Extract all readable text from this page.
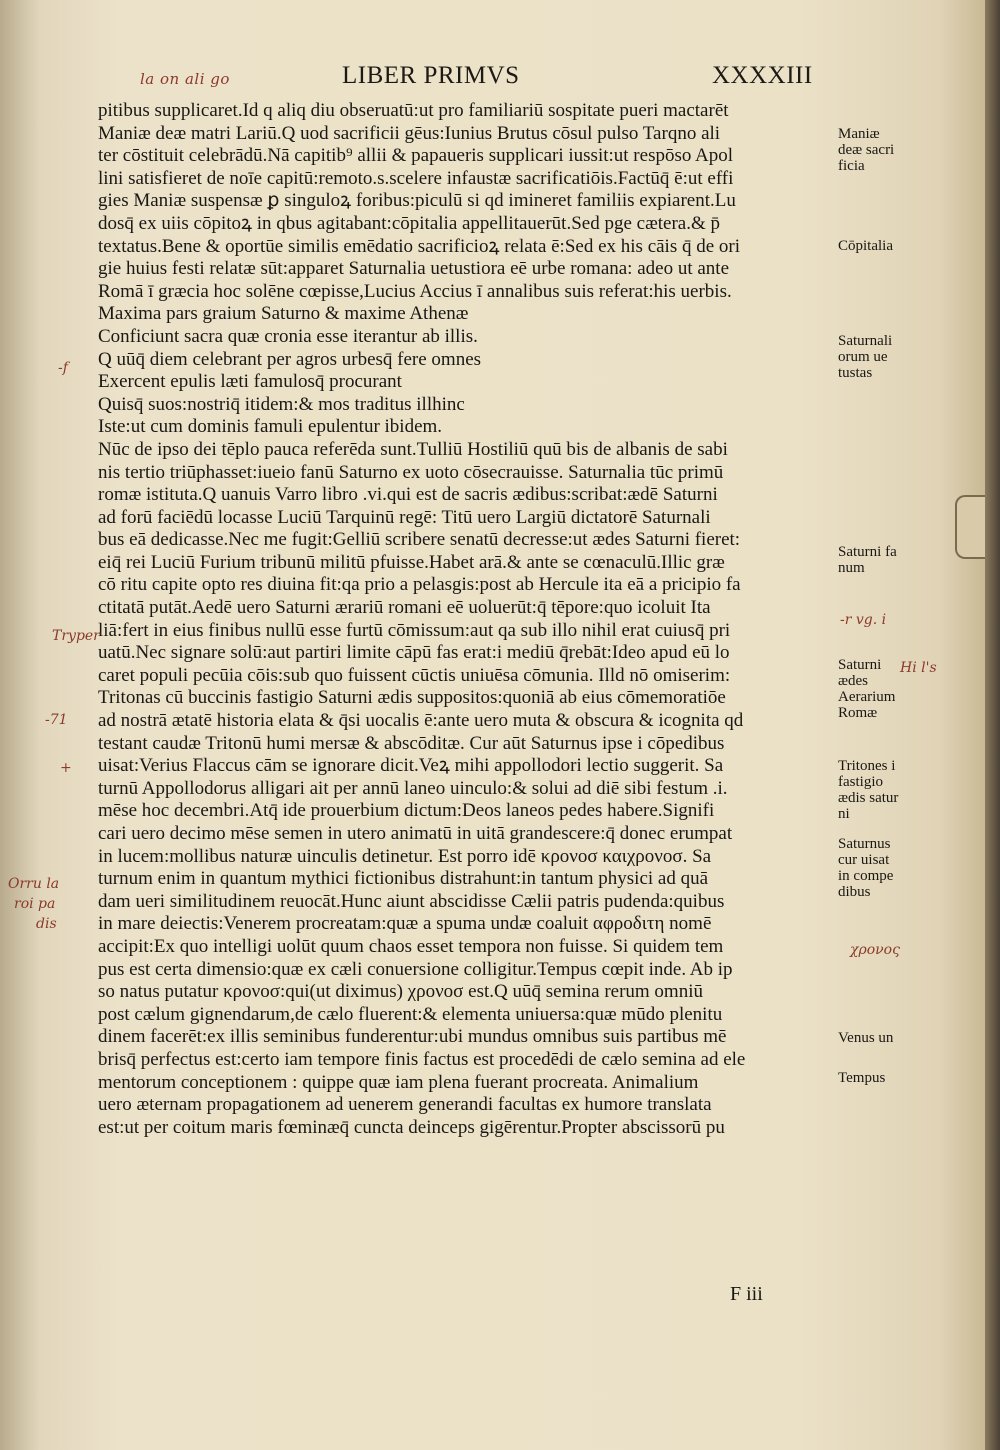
la on ali go	LIBER PRIMVS	XXXXIII
pitibus supplicaret.Id q aliq diu obseruatū:ut pro familiariū sospitate pueri mactarēt
Maniæ deæ matri Lariū.Q uod sacrificii gēus:Iunius Brutus cōsul pulso Tarqno ali
ter cōstituit celebrādū.Nā capitib⁹ allii & papaueris supplicari iussit:ut respōso Apol
lini satisfieret de noīe capitū:remoto.s.scelere infaustæ sacrificatiōis.Factūq̄ ē:ut effi
gies Maniæ suspensæ ꝑ singuloꝝ foribus:piculū si qd imineret familiis expiarent.Lu
dosq̄ ex uiis cōpitoꝝ in qbus agitabant:cōpitalia appellitauerūt.Sed pge cætera.& p̄
textatus.Bene & oportūe similis emēdatio sacrificioꝝ relata ē:Sed ex his cāis q̄ de ori
gie huius festi relatæ sūt:apparet Saturnalia uetustiora eē urbe romana: adeo ut ante
Romā ī græcia hoc solēne cœpisse,Lucius Accius ī annalibus suis referat:his uerbis.
Maxima pars graium Saturno & maxime Athenæ
Conficiunt sacra quæ cronia esse iterantur ab illis.
Q uūq̄ diem celebrant per agros urbesq̄ fere omnes
Exercent epulis læti famulosq̄ procurant
Quisq̄ suos:nostriq̄ itidem:& mos traditus illhinc
Iste:ut cum dominis famuli epulentur ibidem.
Nūc de ipso dei tēplo pauca referēda sunt.Tulliū Hostiliū quū bis de albanis de sabi
nis tertio triūphasset:iueio fanū Saturno ex uoto cōsecrauisse. Saturnalia tūc primū
romæ istituta.Q uanuis Varro libro .vi.qui est de sacris ædibus:scribat:ædē Saturni
ad forū faciēdū locasse Luciū Tarquinū regē: Titū uero Largiū dictatorē Saturnali
bus eā dedicasse.Nec me fugit:Gelliū scribere senatū decresse:ut ædes Saturni fieret:
eiq̄ rei Luciū Furium tribunū militū pfuisse.Habet arā.& ante se cœnaculū.Illic græ
cō ritu capite opto res diuina fit:qa prio a pelasgis:post ab Hercule ita eā a pricipio fa
ctitatā putāt.Aedē uero Saturni ærariū romani eē uoluerūt:q̄ tēpore:quo icoluit Ita
liā:fert in eius finibus nullū esse furtū cōmissum:aut qa sub illo nihil erat cuiusq̄ pri
uatū.Nec signare solū:aut partiri limite cāpū fas erat:i mediū q̄rebāt:Ideo apud eū lo
caret populi pecūia cōis:sub quo fuissent cūctis uniuēsa cōmunia. Illd nō omiserim:
Tritonas cū buccinis fastigio Saturni ædis suppositos:quoniā ab eius cōmemoratiōe
ad nostrā ætatē historia elata & q̄si uocalis ē:ante uero muta & obscura & icognita qd
testant caudæ Tritonū humi mersæ & abscōditæ. Cur aūt Saturnus ipse i cōpedibus
uisat:Verius Flaccus cām se ignorare dicit.Veꝝ mihi appollodori lectio suggerit. Sa
turnū Appollodorus alligari ait per annū laneo uinculo:& solui ad diē sibi festum .i.
mēse hoc decembri.Atq̄ ide prouerbium dictum:Deos laneos pedes habere.Signifi
cari uero decimo mēse semen in utero animatū in uitā grandescere:q̄ donec erumpat
in lucem:mollibus naturæ uinculis detinetur. Est porro idē κρονοσ καιχρονοσ. Sa
turnum enim in quantum mythici fictionibus distrahunt:in tantum physici ad quā
dam ueri similitudinem reuocāt.Hunc aiunt abscidisse Cælii patris pudenda:quibus
in mare deiectis:Venerem procreatam:quæ a spuma undæ coaluit αφροδιτη nomē
accipit:Ex quo intelligi uolūt quum chaos esset tempora non fuisse. Si quidem tem
pus est certa dimensio:quæ ex cæli conuersione colligitur.Tempus cœpit inde. Ab ip
so natus putatur κρονοσ:qui(ut diximus) χρονοσ est.Q uūq̄ semina rerum omniū
post cælum gignendarum,de cælo fluerent:& elementa uniuersa:quæ mūdo plenitu
dinem facerēt:ex illis seminibus funderentur:ubi mundus omnibus suis partibus mē
brisq̄ perfectus est:certo iam tempore finis factus est procedēdi de cælo semina ad ele
mentorum conceptionem : quippe quæ iam plena fuerant procreata. Animalium
uero æternam propagationem ad uenerem generandi facultas ex humore translata
est:ut per coitum maris fœminæq̄ cuncta deinceps gigērentur.Propter abscissorū pu
Maniæ
deæ sacri
ficia
Cōpitalia
Saturnali
orum ue
tustas
Saturni fa
num
Saturni
ædes
Aerarium
Romæ
Tritones i
fastigio
ædis satur
ni
Saturnus
cur uisat
in compe
dibus
Venus un
Tempus
-f
-r vg. i
Tryper
Hi l's
-71
+
Orru la
roi pa
dis
χρονος
F iii
